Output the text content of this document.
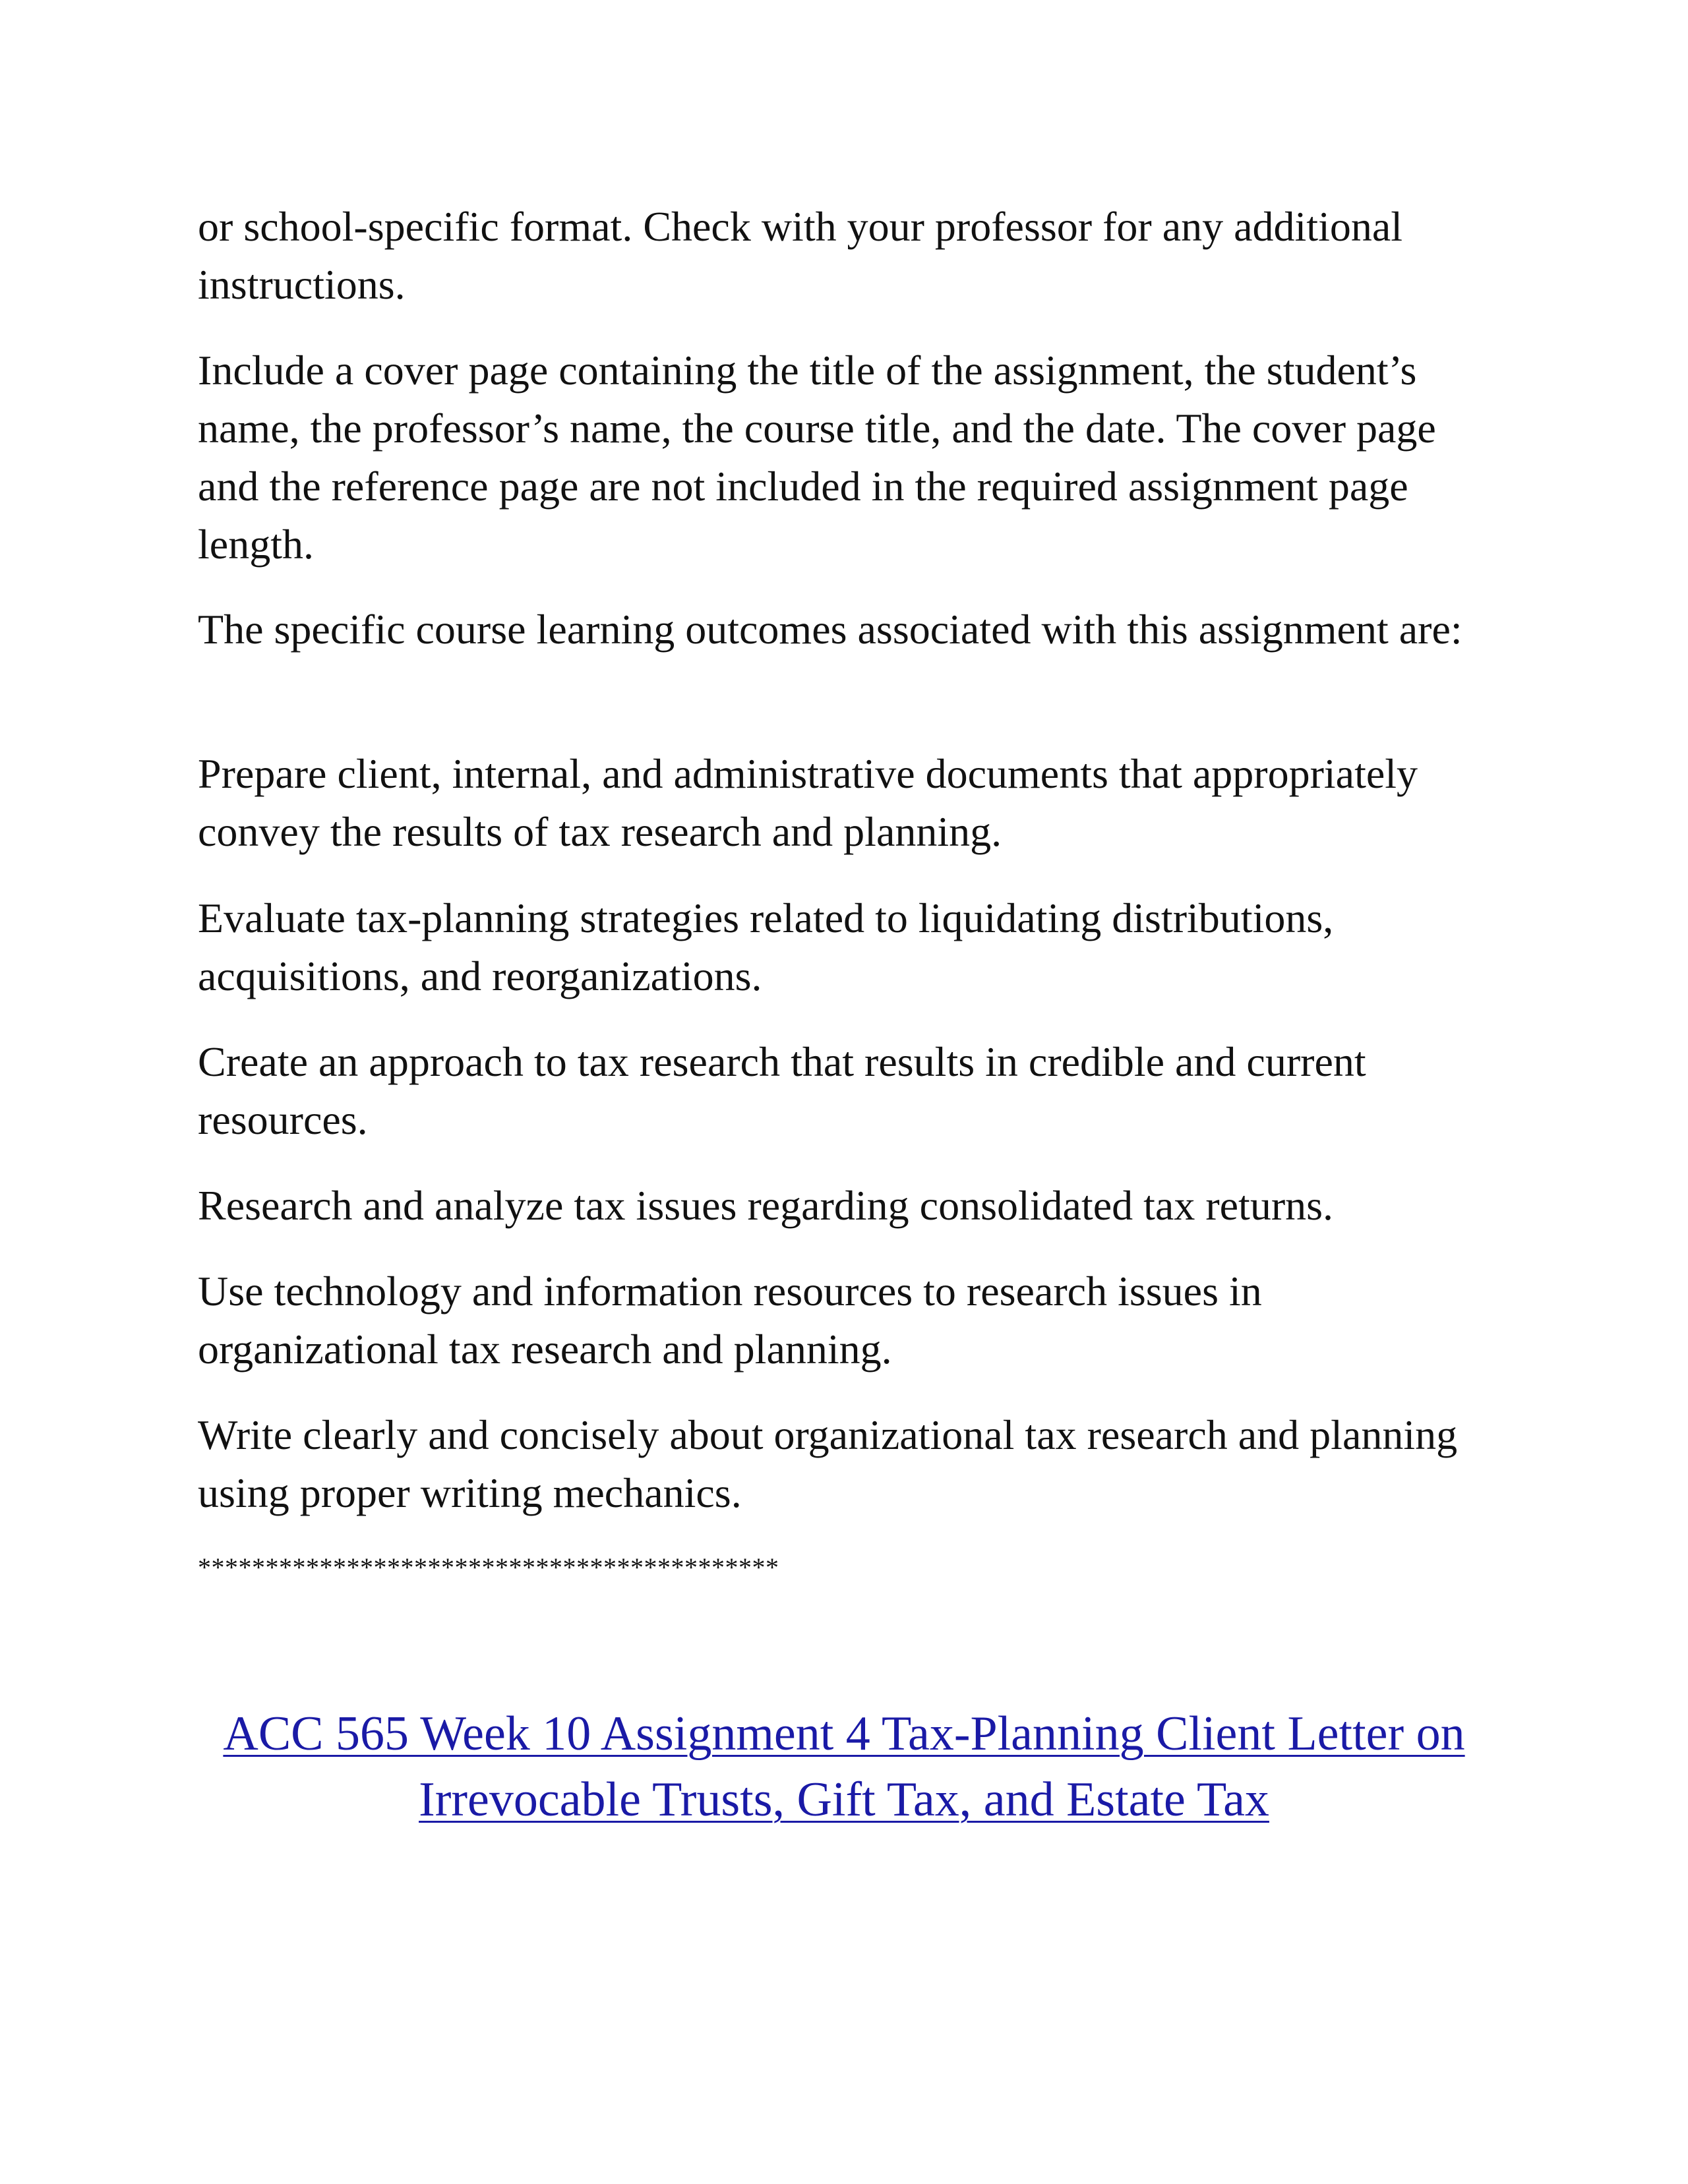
or school-specific format. Check with your professor for any additional instructions.

Include a cover page containing the title of the assignment, the student’s name, the professor’s name, the course title, and the date. The cover page and the reference page are not included in the required assignment page length.

The specific course learning outcomes associated with this assignment are:

Prepare client, internal, and administrative documents that appropriately convey the results of tax research and planning.

Evaluate tax-planning strategies related to liquidating distributions, acquisitions, and reorganizations.

Create an approach to tax research that results in credible and current resources.

Research and analyze tax issues regarding consolidated tax returns.

Use technology and information resources to research issues in organizational tax research and planning.

Write clearly and concisely about organizational tax research and planning using proper writing mechanics.

*******************************************
ACC 565 Week 10 Assignment 4 Tax-Planning Client Letter on Irrevocable Trusts, Gift Tax, and Estate Tax
